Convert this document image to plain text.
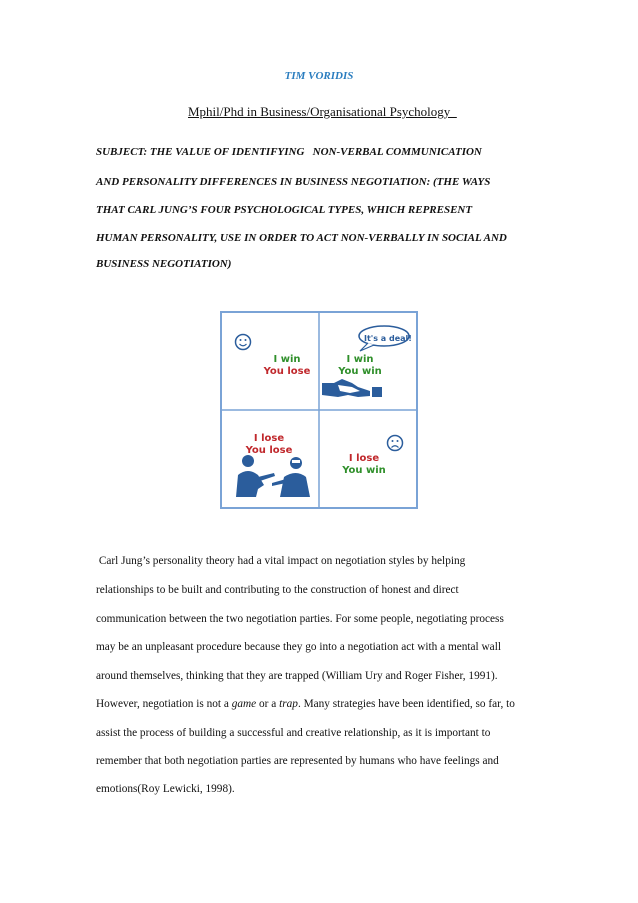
TIM VORIDIS
Mphil/Phd in Business/Organisational Psychology
SUBJECT: THE VALUE OF IDENTIFYING   NON-VERBAL COMMUNICATION
AND PERSONALITY DIFFERENCES IN BUSINESS NEGOTIATION: (THE WAYS
THAT CARL JUNG’S FOUR PSYCHOLOGICAL TYPES, WHICH REPRESENT
HUMAN PERSONALITY, USE IN ORDER TO ACT NON-VERBALLY IN SOCIAL AND
BUSINESS NEGOTIATION)
It's a deal!
I win
You lose
I win
You win
I lose
You lose
I lose
You win
Carl Jung’s personality theory had a vital impact on negotiation styles by helping
relationships to be built and contributing to the construction of honest and direct
communication between the two negotiation parties. For some people, negotiating process
may be an unpleasant procedure because they go into a negotiation act with a mental wall
around themselves, thinking that they are trapped (William Ury and Roger Fisher, 1991).
However, negotiation is not a game or a trap. Many strategies have been identified, so far, to
assist the process of building a successful and creative relationship, as it is important to
remember that both negotiation parties are represented by humans who have feelings and
emotions(Roy Lewicki, 1998).
